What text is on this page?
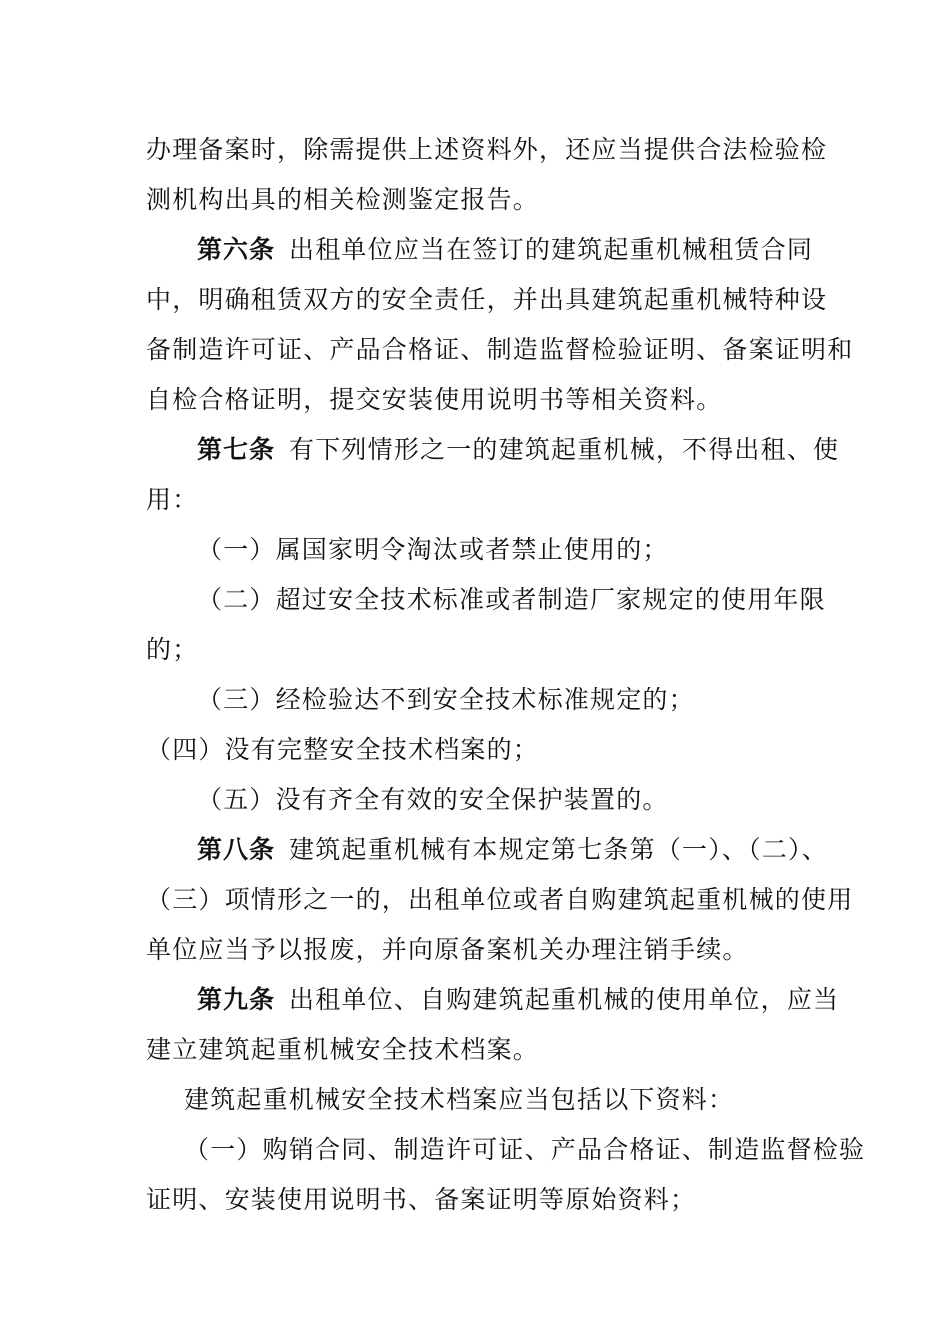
办理备案时，除需提供上述资料外，还应当提供合法检验检
测机构出具的相关检测鉴定报告。
第六条 出租单位应当在签订的建筑起重机械租赁合同
中，明确租赁双方的安全责任，并出具建筑起重机械特种设
备制造许可证、产品合格证、制造监督检验证明、备案证明和
自检合格证明，提交安装使用说明书等相关资料。
第七条 有下列情形之一的建筑起重机械，不得出租、使
用：
（一）属国家明令淘汰或者禁止使用的；
（二）超过安全技术标准或者制造厂家规定的使用年限
的；
（三）经检验达不到安全技术标准规定的；
（四）没有完整安全技术档案的；
（五）没有齐全有效的安全保护装置的。
第八条 建筑起重机械有本规定第七条第（一）、（二）、
（三）项情形之一的，出租单位或者自购建筑起重机械的使用
单位应当予以报废，并向原备案机关办理注销手续。
第九条 出租单位、自购建筑起重机械的使用单位，应当
建立建筑起重机械安全技术档案。
建筑起重机械安全技术档案应当包括以下资料：
（一）购销合同、制造许可证、产品合格证、制造监督检验
证明、安装使用说明书、备案证明等原始资料；
